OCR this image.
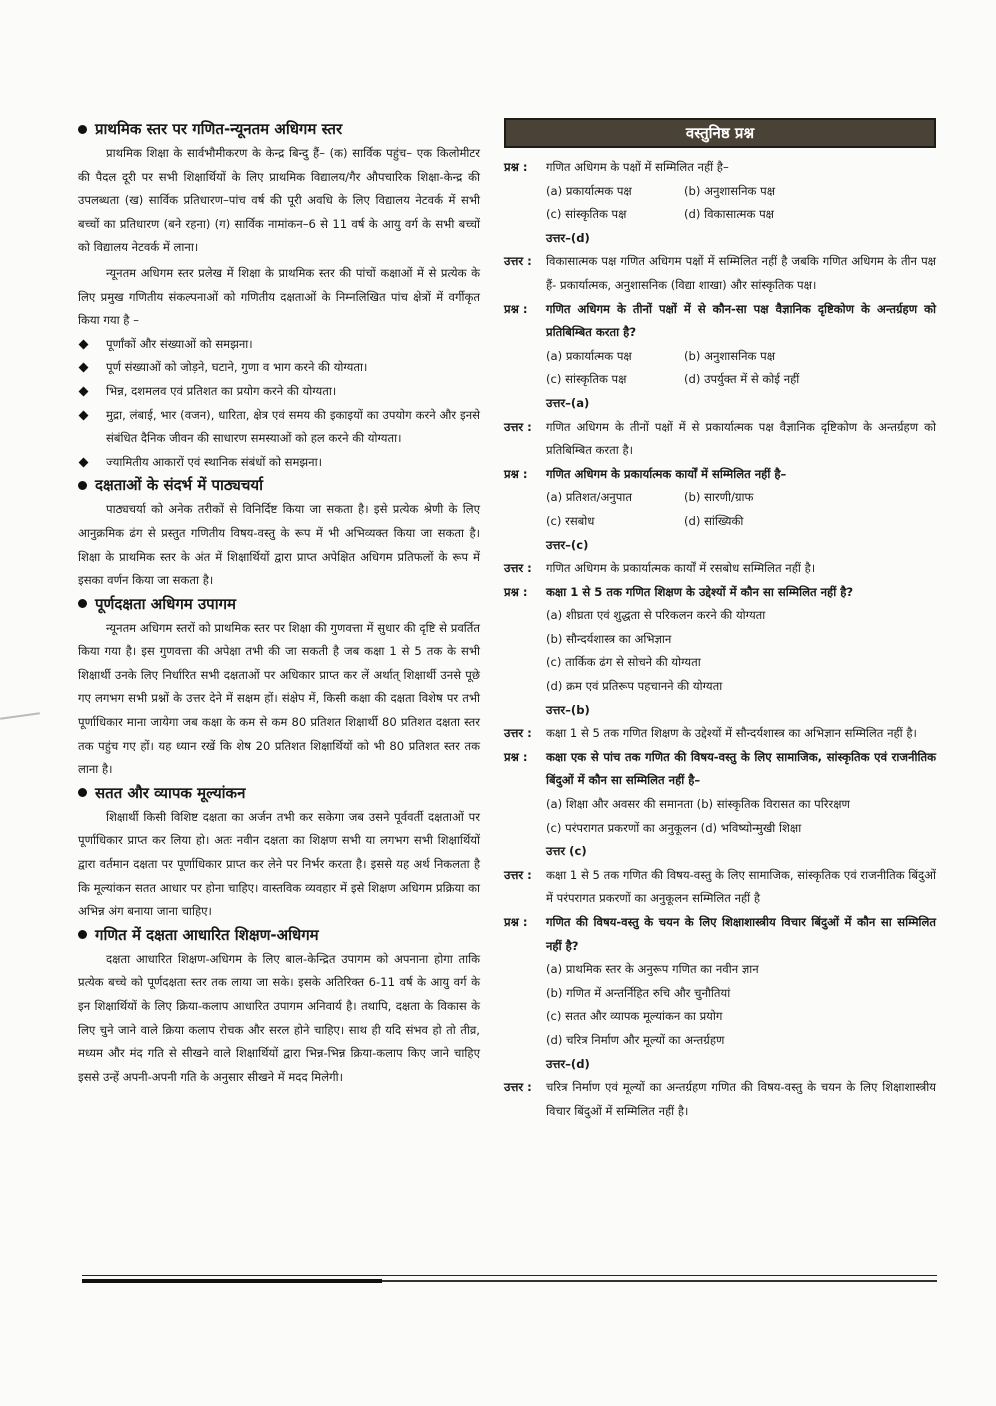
प्राथमिक स्तर पर गणित-न्यूनतम अधिगम स्तर

प्राथमिक शिक्षा के सार्वभौमीकरण के केन्द्र बिन्दु हैं– (क) सार्विक पहुंच– एक किलोमीटर की पैदल दूरी पर सभी शिक्षार्थियों के लिए प्राथमिक विद्यालय/गैर औपचारिक शिक्षा-केन्द्र की उपलब्धता (ख) सार्विक प्रतिधारण–पांच वर्ष की पूरी अवधि के लिए विद्यालय नेटवर्क में सभी बच्चों का प्रतिधारण (बने रहना) (ग) सार्विक नामांकन–6 से 11 वर्ष के आयु वर्ग के सभी बच्चों को विद्यालय नेटवर्क में लाना।

न्यूनतम अधिगम स्तर प्रलेख में शिक्षा के प्राथमिक स्तर की पांचों कक्षाओं में से प्रत्येक के लिए प्रमुख गणितीय संकल्पनाओं को गणितीय दक्षताओं के निम्नलिखित पांच क्षेत्रों में वर्गीकृत किया गया है –

पूर्णांकों और संख्याओं को समझना।
पूर्ण संख्याओं को जोड़ने, घटाने, गुणा व भाग करने की योग्यता।
भिन्न, दशमलव एवं प्रतिशत का प्रयोग करने की योग्यता।
मुद्रा, लंबाई, भार (वजन), धारिता, क्षेत्र एवं समय की इकाइयों का उपयोग करने और इनसे संबंधित दैनिक जीवन की साधारण समस्याओं को हल करने की योग्यता।
ज्यामितीय आकारों एवं स्थानिक संबंधों को समझना।
दक्षताओं के संदर्भ में पाठ्यचर्या

पाठ्यचर्या को अनेक तरीकों से विनिर्दिष्ट किया जा सकता है। इसे प्रत्येक श्रेणी के लिए आनुक्रमिक ढंग से प्रस्तुत गणितीय विषय-वस्तु के रूप में भी अभिव्यक्त किया जा सकता है। शिक्षा के प्राथमिक स्तर के अंत में शिक्षार्थियों द्वारा प्राप्त अपेक्षित अधिगम प्रतिफलों के रूप में इसका वर्णन किया जा सकता है।

पूर्णदक्षता अधिगम उपागम

न्यूनतम अधिगम स्तरों को प्राथमिक स्तर पर शिक्षा की गुणवत्ता में सुधार की दृष्टि से प्रवर्तित किया गया है। इस गुणवत्ता की अपेक्षा तभी की जा सकती है जब कक्षा 1 से 5 तक के सभी शिक्षार्थी उनके लिए निर्धारित सभी दक्षताओं पर अधिकार प्राप्त कर लें अर्थात् शिक्षार्थी उनसे पूछे गए लगभग सभी प्रश्नों के उत्तर देने में सक्षम हों। संक्षेप में, किसी कक्षा की दक्षता विशेष पर तभी पूर्णाधिकार माना जायेगा जब कक्षा के कम से कम 80 प्रतिशत शिक्षार्थी 80 प्रतिशत दक्षता स्तर तक पहुंच गए हों। यह ध्यान रखें कि शेष 20 प्रतिशत शिक्षार्थियों को भी 80 प्रतिशत स्तर तक लाना है।

सतत और व्यापक मूल्यांकन

शिक्षार्थी किसी विशिष्ट दक्षता का अर्जन तभी कर सकेगा जब उसने पूर्ववर्ती दक्षताओं पर पूर्णाधिकार प्राप्त कर लिया हो। अतः नवीन दक्षता का शिक्षण सभी या लगभग सभी शिक्षार्थियों द्वारा वर्तमान दक्षता पर पूर्णाधिकार प्राप्त कर लेने पर निर्भर करता है। इससे यह अर्थ निकलता है कि मूल्यांकन सतत आधार पर होना चाहिए। वास्तविक व्यवहार में इसे शिक्षण अधिगम प्रक्रिया का अभिन्न अंग बनाया जाना चाहिए।

गणित में दक्षता आधारित शिक्षण-अधिगम

दक्षता आधारित शिक्षण-अधिगम के लिए बाल-केन्द्रित उपागम को अपनाना होगा ताकि प्रत्येक बच्चे को पूर्णदक्षता स्तर तक लाया जा सके। इसके अतिरिक्त 6-11 वर्ष के आयु वर्ग के इन शिक्षार्थियों के लिए क्रिया-कलाप आधारित उपागम अनिवार्य है। तथापि, दक्षता के विकास के लिए चुने जाने वाले क्रिया कलाप रोचक और सरल होने चाहिए। साथ ही यदि संभव हो तो तीव्र, मध्यम और मंद गति से सीखने वाले शिक्षार्थियों द्वारा भिन्न-भिन्न क्रिया-कलाप किए जाने चाहिए इससे उन्हें अपनी-अपनी गति के अनुसार सीखने में मदद मिलेगी।

वस्तुनिष्ठ प्रश्न
प्रश्न :	गणित अधिगम के पक्षों में सम्मिलित नहीं है–
(a) प्रकार्यात्मक पक्ष	(b) अनुशासनिक पक्ष
(c) सांस्कृतिक पक्ष	(d) विकासात्मक पक्ष
उत्तर–(d)
उत्तर :	विकासात्मक पक्ष गणित अधिगम पक्षों में सम्मिलित नहीं है जबकि गणित अधिगम के तीन पक्ष हैं- प्रकार्यात्मक, अनुशासनिक (विद्या शाखा) और सांस्कृतिक पक्ष।
प्रश्न :	गणित अधिगम के तीनों पक्षों में से कौन-सा पक्ष वैज्ञानिक दृष्टिकोण के अन्तर्ग्रहण को प्रतिबिम्बित करता है?
(a) प्रकार्यात्मक पक्ष	(b) अनुशासनिक पक्ष
(c) सांस्कृतिक पक्ष	(d) उपर्युक्त में से कोई नहीं
उत्तर–(a)
उत्तर :	गणित अधिगम के तीनों पक्षों में से प्रकार्यात्मक पक्ष वैज्ञानिक दृष्टिकोण के अन्तर्ग्रहण को प्रतिबिम्बित करता है।
प्रश्न :	गणित अधिगम के प्रकार्यात्मक कार्यों में सम्मिलित नहीं है–
(a) प्रतिशत/अनुपात	(b) सारणी/ग्राफ
(c) रसबोध	(d) सांख्यिकी
उत्तर–(c)
उत्तर :	गणित अधिगम के प्रकार्यात्मक कार्यों में रसबोध सम्मिलित नहीं है।
प्रश्न :	कक्षा 1 से 5 तक गणित शिक्षण के उद्देश्यों में कौन सा सम्मिलित नहीं है?
(a) शीघ्रता एवं शुद्धता से परिकलन करने की योग्यता
(b) सौन्दर्यशास्त्र का अभिज्ञान
(c) तार्किक ढंग से सोचने की योग्यता
(d) क्रम एवं प्रतिरूप पहचानने की योग्यता
उत्तर–(b)
उत्तर :	कक्षा 1 से 5 तक गणित शिक्षण के उद्देश्यों में सौन्दर्यशास्त्र का अभिज्ञान सम्मिलित नहीं है।
प्रश्न :	कक्षा एक से पांच तक गणित की विषय-वस्तु के लिए सामाजिक, सांस्कृतिक एवं राजनीतिक बिंदुओं में कौन सा सम्मिलित नहीं है–
(a) शिक्षा और अवसर की समानता (b) सांस्कृतिक विरासत का परिरक्षण
(c) परंपरागत प्रकरणों का अनुकूलन (d) भविष्योन्मुखी शिक्षा
उत्तर (c)
उत्तर :	कक्षा 1 से 5 तक गणित की विषय-वस्तु के लिए सामाजिक, सांस्कृतिक एवं राजनीतिक बिंदुओं में परंपरागत प्रकरणों का अनुकूलन सम्मिलित नहीं है
प्रश्न :	गणित की विषय-वस्तु के चयन के लिए शिक्षाशास्त्रीय विचार बिंदुओं में कौन सा सम्मिलित नहीं है?
(a) प्राथमिक स्तर के अनुरूप गणित का नवीन ज्ञान
(b) गणित में अन्तर्निहित रुचि और चुनौतियां
(c) सतत और व्यापक मूल्यांकन का प्रयोग
(d) चरित्र निर्माण और मूल्यों का अन्तर्ग्रहण
उत्तर–(d)
उत्तर :	चरित्र निर्माण एवं मूल्यों का अन्तर्ग्रहण गणित की विषय-वस्तु के चयन के लिए शिक्षाशास्त्रीय विचार बिंदुओं में सम्मिलित नहीं है।
